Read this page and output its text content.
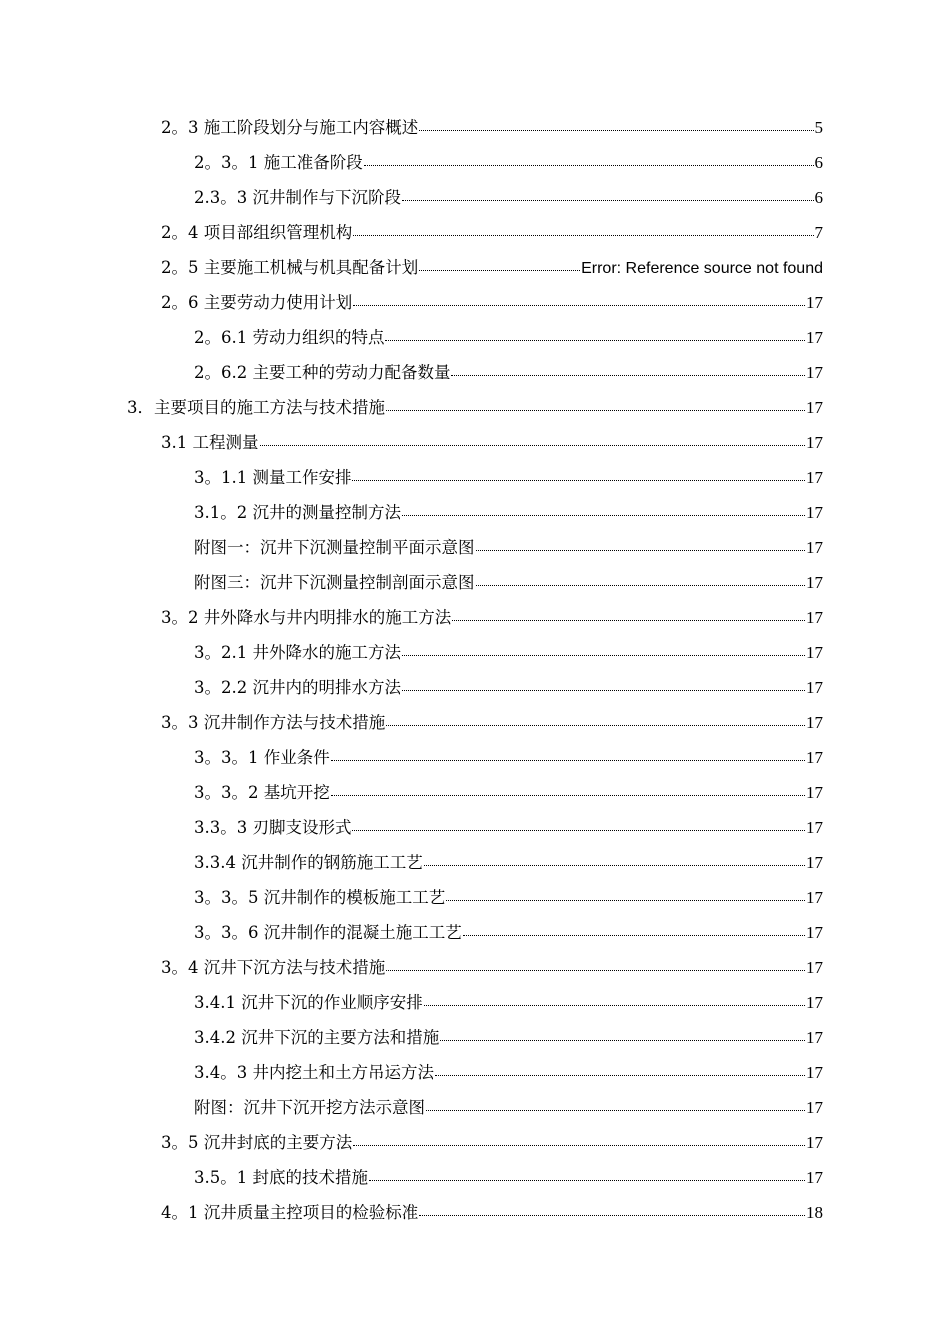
2。3 施工阶段划分与施工内容概述	5
2。3。1 施工准备阶段	6
2.3。3 沉井制作与下沉阶段	6
2。4 项目部组织管理机构	7
2。5 主要施工机械与机具配备计划	Error: Reference source not found
2。6 主要劳动力使用计划	17
2。6.1 劳动力组织的特点	17
2。6.2 主要工种的劳动力配备数量	17
3．主要项目的施工方法与技术措施	17
3.1 工程测量	17
3。1.1 测量工作安排	17
3.1。2 沉井的测量控制方法	17
附图一：沉井下沉测量控制平面示意图	17
附图三：沉井下沉测量控制剖面示意图	17
3。2 井外降水与井内明排水的施工方法	17
3。2.1 井外降水的施工方法	17
3。2.2 沉井内的明排水方法	17
3。3 沉井制作方法与技术措施	17
3。3。1 作业条件	17
3。3。2 基坑开挖	17
3.3。3 刃脚支设形式	17
3.3.4 沉井制作的钢筋施工工艺	17
3。3。5 沉井制作的模板施工工艺	17
3。3。6 沉井制作的混凝土施工工艺	17
3。4 沉井下沉方法与技术措施	17
3.4.1 沉井下沉的作业顺序安排	17
3.4.2 沉井下沉的主要方法和措施	17
3.4。3 井内挖土和土方吊运方法	17
附图：沉井下沉开挖方法示意图	17
3。5 沉井封底的主要方法	17
3.5。1 封底的技术措施	17
4。1 沉井质量主控项目的检验标准	18
